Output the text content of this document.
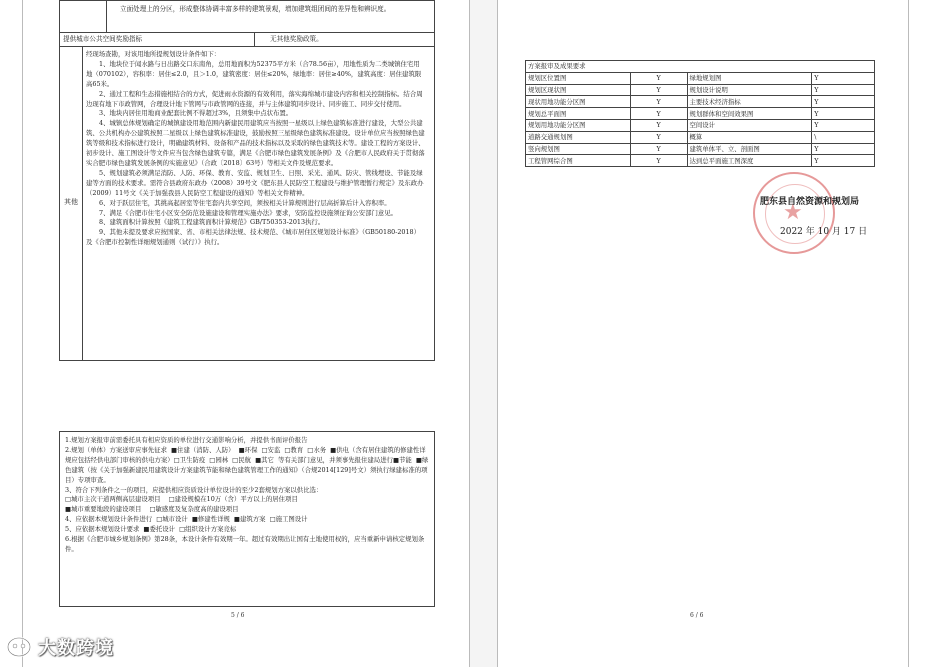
立面处理上的分区，形成整体协调丰富多样的建筑景观，增加建筑组团间的差异性和辨识度。
提供城市公共空间奖励指标	无其他奖励政策。
其他

经现场查勘，对该用地所提规划设计条件如下：

1、地块位于闻水路与日出路交口东南角，总用地面积为52375平方米（合78.56亩），用地性质为二类城镇住宅用地（070102），容积率：居住≤2.0，且＞1.0，建筑密度：居住≤20%，绿地率：居住≥40%，建筑高度：居住建筑限高65米。

2、通过工程和生态措施相结合的方式，促进雨水资源的有效利用，落实海绵城市建设内容和相关控制指标。结合周边现有地下市政管网，合理设计地下管网与市政管网的连接，并与主体建筑同步设计、同步施工、同步交付使用。

3、地块内居住用地商业配套比例不得超过3%，且须集中点状布置。

4、城镇总体规划确定的城镇建设用地范围内新建民用建筑应当按照一星级以上绿色建筑标准进行建设，大型公共建筑、公共机构办公建筑按照二星级以上绿色建筑标准建设，鼓励按照三星级绿色建筑标准建设。设计单位应当按照绿色建筑等级和技术指标进行设计，明确建筑材料、设备和产品的技术指标以及采取的绿色建筑技术等。建设工程的方案设计、初步设计、施工图设计等文件应当包含绿色建筑专篇，满足《合肥市绿色建筑发展条例》及《合肥市人民政府关于贯彻落实合肥市绿色建筑发展条例的实施意见》（合政〔2018〕63号）等相关文件及规范要求。

5、规划建筑必须满足消防、人防、环保、教育、安监、规划卫生、日照、采光、通风、防灾、管线埋设、节能及绿建等方面的技术要求。需符合县政府东政办（2008）39号文《肥东县人民防空工程建设与维护管理暂行规定》及东政办（2009）11号文《关于加强我县人民防空工程建设的通知》等相关文件精神。

6、对于跃层住宅，其挑高起居室等住宅套内共享空间，须按相关计算规则进行层高折算后计入容积率。

7、满足《合肥市住宅小区安全防范设施建设和管理实施办法》要求，安防监控设施须征询公安部门意见。

8、建筑面积计算按照《建筑工程建筑面积计算规范》GB/T50353-2013执行。

9、其他未提及要求应按国家、省、市相关法律法规、技术规范、《城市居住区规划设计标准》（GB50180-2018）及《合肥市控制性详细规划通则（试行）》执行。

1.规划方案报审前需委托具有相应资质的单位进行交通影响分析，并提供书面评价报告

2.规划（单体）方案送审应事先征求  ■住建（消防、人防）  ■环保  □安监  □教育  □水务  ■供电（含有居住建筑的修建性详规应包括经供电部门审核的供电方案）□卫生防疫  □园林  □民航  ■其它  等有关部门意见，并须事先报住建局进行■节能  ■绿色建筑（按《关于加强新建民用建筑设计方案建筑节能和绿色建筑管理工作的通知》（合规2014[129]号文）须执行绿建标准的项目）专项审查。

3、符合下列条件之一的项目，应提供相应资质设计单位设计的至少2套规划方案以供比选：

□城市主次干道两侧高层建设项目    □建设规模在10万（含）平方以上的居住项目

■城市重要地段的建设项目    □敏感度及复杂度高的建设项目

4、应依据本规划设计条件进行  □城市设计  ■修建性详规  ■建筑方案  □施工图设计

5、应依据本规划设计要求  ■委托设计  □组织设计方案竞标

6.根据《合肥市城乡规划条例》第28条，本设计条件有效期一年。超过有效期出让国有土地使用权的，应当重新申请核定规划条件。

5 / 6
方案报审及成果要求			
规划区位置图	Y	绿地规划图	Y
规划区现状图	Y	规划设计说明	Y
现状用地功能分区图	Y	主要技术经济指标	Y
规划总平面图	Y	规划群体和空间效果图	Y
规划用地功能分区图	Y	空间设计	Y
道路交通规划图	Y	概算	\
竖向规划图	Y	建筑单体平、立、剖面图	Y
工程管网综合图	Y	达到总平面施工图深度	Y
★
肥东县自然资源和规划局
2022 年 10 月 17 日
6 / 6
大数跨境
